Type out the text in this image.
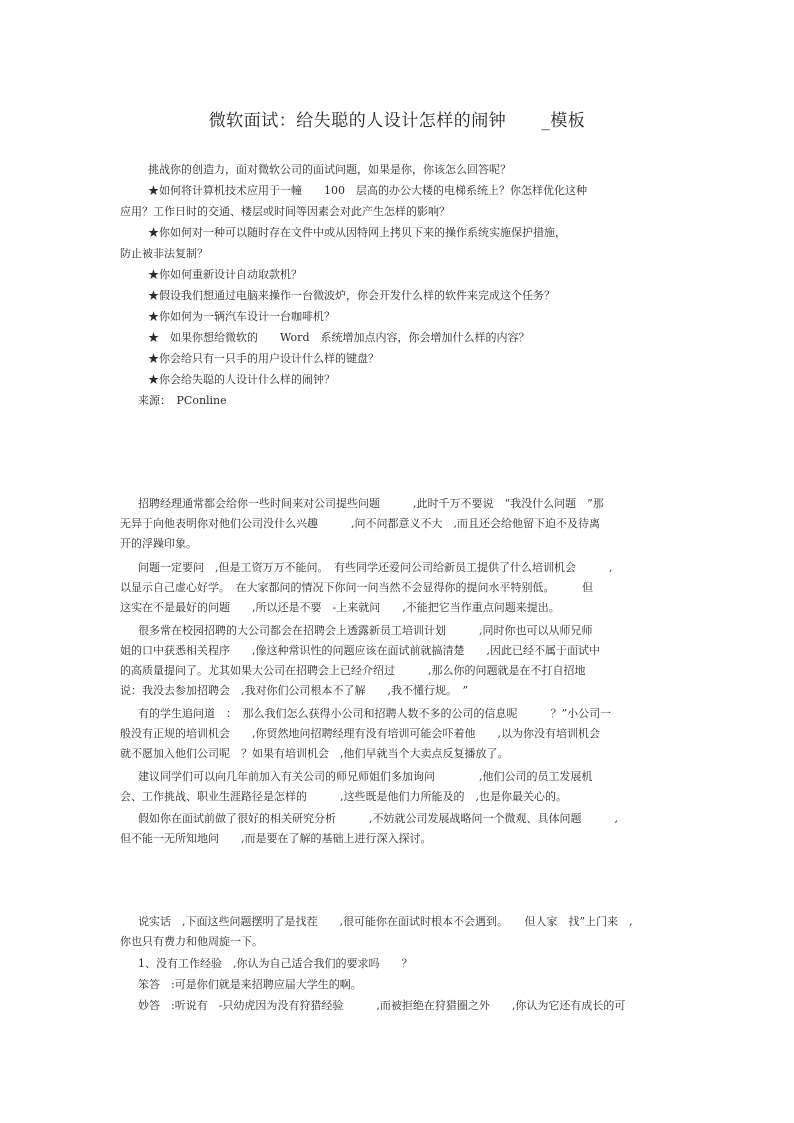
微软面试：给失聪的人设计怎样的闹钟　　_模板
挑战你的创造力，面对微软公司的面试问题，如果是你，你该怎么回答呢？
★如何将计算机技术应用于一幢　　100　层高的办公大楼的电梯系统上？你怎样优化这种
应用？工作日时的交通、楼层或时间等因素会对此产生怎样的影响？
★你如何对一种可以随时存在文件中或从因特网上拷贝下来的操作系统实施保护措施，
防止被非法复制？
★你如何重新设计自动取款机？
★假设我们想通过电脑来操作一台微波炉，你会开发什么样的软件来完成这个任务？
★你如何为一辆汽车设计一台咖啡机？
★　如果你想给微软的　　Word　系统增加点内容，你会增加什么样的内容？
★你会给只有一只手的用户设计什么样的键盘？
★你会给失聪的人设计什么样的闹钟？
来源：　PConline
招聘经理通常都会给你一些时间来对公司提些问题　　　,此时千万不要说　“我没什么问题　”那
无异于向他表明你对他们公司没什么兴趣　　　,问不问都意义不大　,而且还会给他留下迫不及待离
开的浮躁印象。
问题一定要问　,但是工资万万不能问。　有些同学还爱问公司给新员工提供了什么培训机会　　　,
以显示自己虚心好学。　在大家都问的情况下你问一问当然不会显得你的提问水平特别低。　　　但
这实在不是最好的问题　　,所以还是不要　-上来就问　　,不能把它当作重点问题来提出。
很多常在校园招聘的大公司都会在招聘会上透露新员工培训计划　　　,同时你也可以从师兄师
姐的口中获悉相关程序　　,像这种常识性的问题应该在面试前就搞清楚　　,因此已经不属于面试中
的高质量提问了。尤其如果大公司在招聘会上已经介绍过　　　,那么你的问题就是在不打自招地
说：我没去参加招聘会　,我对你们公司根本不了解　　,我不懂行规。　”
有的学生追问道　：　那么我们怎么获得小公司和招聘人数不多的公司的信息呢　　　？”小公司一
般没有正规的培训机会　　,你贸然地问招聘经理有没有培训可能会吓着他　　,以为你没有培训机会
就不愿加入他们公司呢　？如果有培训机会　,他们早就当个大卖点反复播放了。
建议同学们可以向几年前加入有关公司的师兄师姐们多加询问　　　　,他们公司的员工发展机
会、工作挑战、职业生涯路径是怎样的　　　,这些既是他们力所能及的　,也是你最关心的。
假如你在面试前做了很好的相关研究分析　　　,不妨就公司发展战略问一个微观、具体问题　　　,
但不能一无所知地问　　,而是要在了解的基础上进行深入探讨。
说实话　,下面这些问题摆明了是找茬　　,很可能你在面试时根本不会遇到。　　但人家　找”上门来　,
你也只有费力和他周旋一下。
1、没有工作经验　,你认为自己适合我们的要求吗　　？
笨答　:可是你们就是来招聘应届大学生的啊。
妙答　:听说有　-只幼虎因为没有狩猎经验　　　,而被拒绝在狩猎圈之外　　,你认为它还有成长的可
